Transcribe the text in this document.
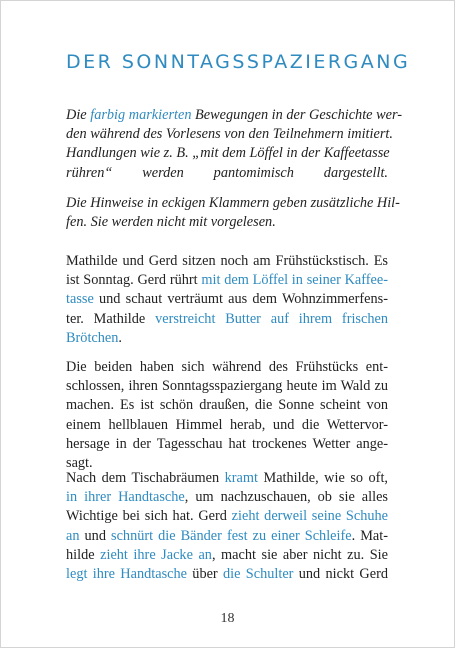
DER SONNTAGSSPAZIERGANG
Die farbig markierten Bewegungen in der Geschichte wer-
den während des Vorlesens von den Teilnehmern imitiert.
Handlungen wie z. B. „mit dem Löffel in der Kaffeetasse
rühren“ werden pantomimisch dargestellt.
Die Hinweise in eckigen Klammern geben zusätzliche Hil-
fen. Sie werden nicht mit vorgelesen.
Mathilde und Gerd sitzen noch am Frühstückstisch. Es
ist Sonntag. Gerd rührt mit dem Löffel in seiner Kaffee-
tasse und schaut verträumt aus dem Wohnzimmerfens-
ter. Mathilde verstreicht Butter auf ihrem frischen
Brötchen.
Die beiden haben sich während des Frühstücks ent-
schlossen, ihren Sonntagsspaziergang heute im Wald zu
machen. Es ist schön draußen, die Sonne scheint von
einem hellblauen Himmel herab, und die Wettervor-
hersage in der Tagesschau hat trockenes Wetter ange-
sagt.
Nach dem Tischabräumen kramt Mathilde, wie so oft,
in ihrer Handtasche, um nachzuschauen, ob sie alles
Wichtige bei sich hat. Gerd zieht derweil seine Schuhe
an und schnürt die Bänder fest zu einer Schleife. Mat-
hilde zieht ihre Jacke an, macht sie aber nicht zu. Sie
legt ihre Handtasche über die Schulter und nickt Gerd
18
